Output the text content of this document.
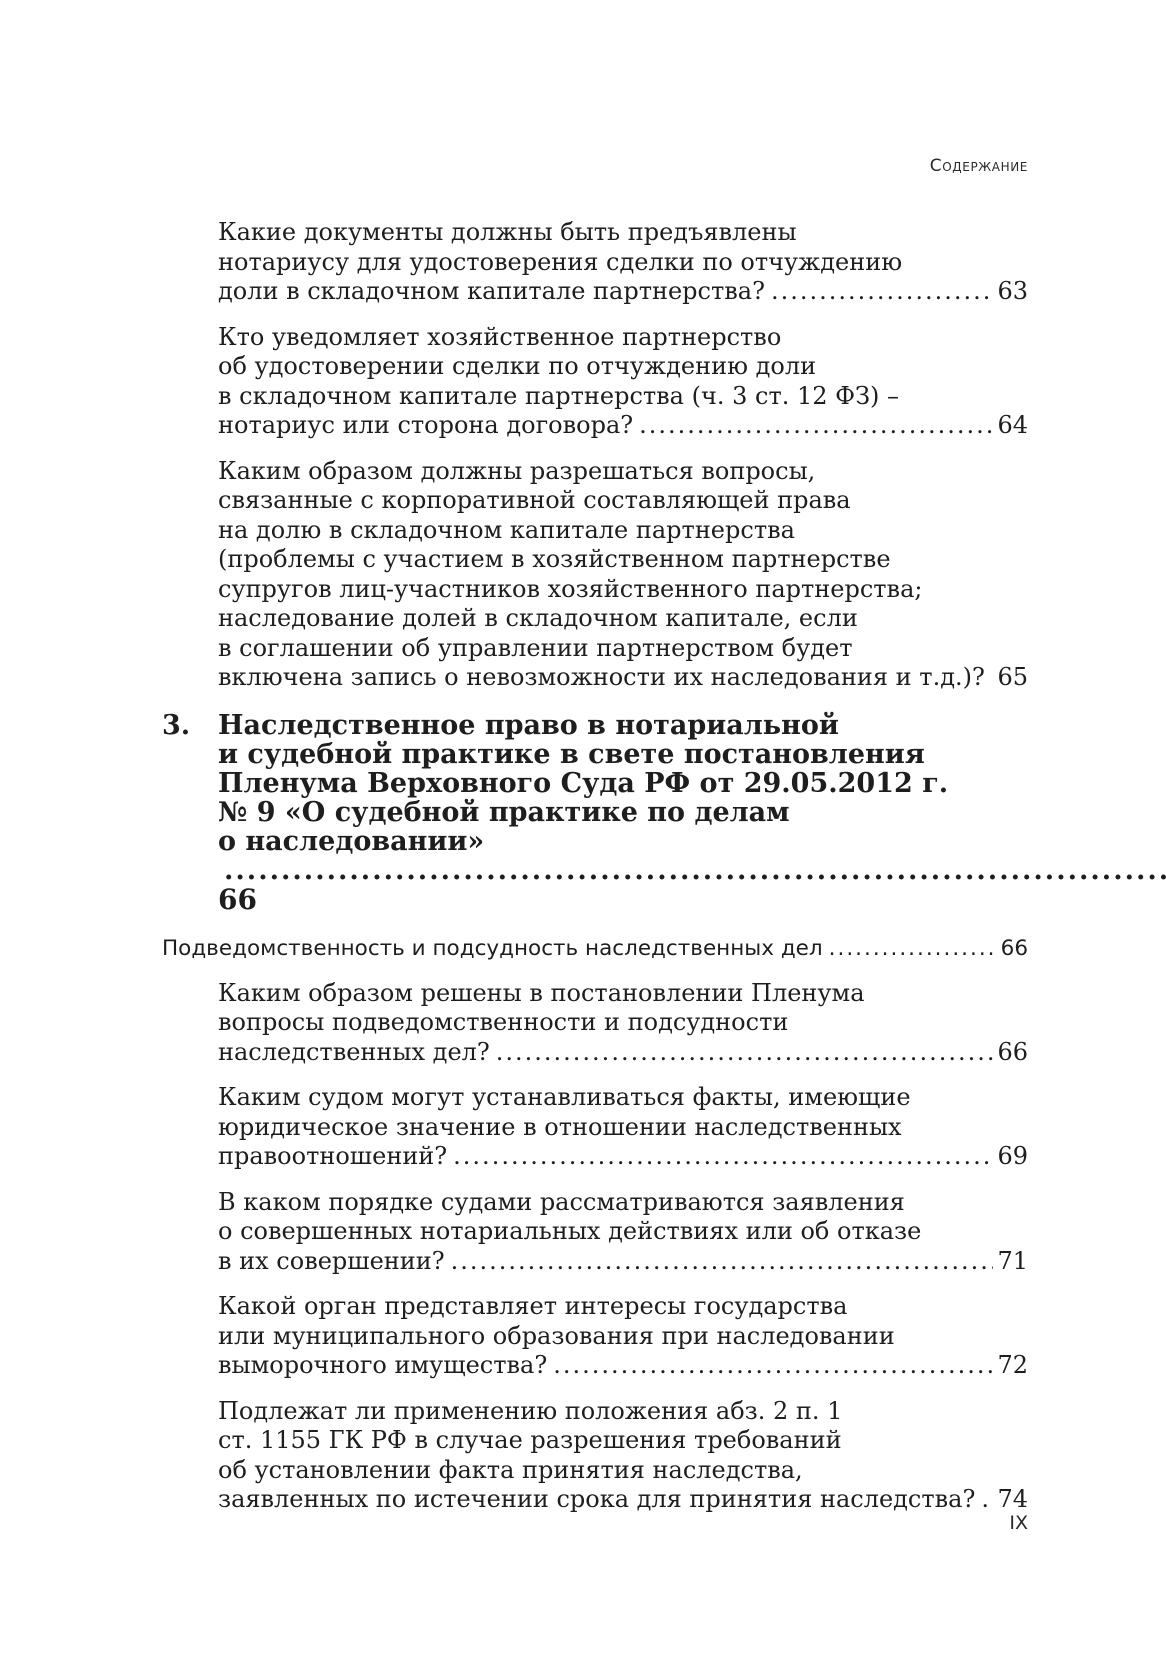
Содержание
Какие документы должны быть предъявлены
нотариусу для удостоверения сделки по отчуждению
доли в складочном капитале партнерства? .....	63
Кто уведомляет хозяйственное партнерство
об удостоверении сделки по отчуждению доли
в складочном капитале партнерства (ч. 3 ст. 12 ФЗ) –
нотариус или сторона договора? .....	64
Каким образом должны разрешаться вопросы,
связанные с корпоративной составляющей права
на долю в складочном капитале партнерства
(проблемы с участием в хозяйственном партнерстве
супругов лиц-участников хозяйственного партнерства;
наследование долей в складочном капитале, если
в соглашении об управлении партнерством будет
включена запись о невозможности их наследования и т.д.)? ..... 65
3. Наследственное право в нотариальной
и судебной практике в свете постановления
Пленума Верховного Суда РФ от 29.05.2012 г.
№ 9 «О судебной практике по делам
о наследовании» ..... 66
Подведомственность и подсудность наследственных дел .....	66
Каким образом решены в постановлении Пленума
вопросы подведомственности и подсудности
наследственных дел? .....	66
Каким судом могут устанавливаться факты, имеющие
юридическое значение в отношении наследственных
правоотношений? .....	69
В каком порядке судами рассматриваются заявления
о совершенных нотариальных действиях или об отказе
в их совершении? .....	71
Какой орган представляет интересы государства
или муниципального образования при наследовании
выморочного имущества? .....	72
Подлежат ли применению положения абз. 2 п. 1
ст. 1155 ГК РФ в случае разрешения требований
об установлении факта принятия наследства,
заявленных по истечении срока для принятия наследства? ..... 74
IX
